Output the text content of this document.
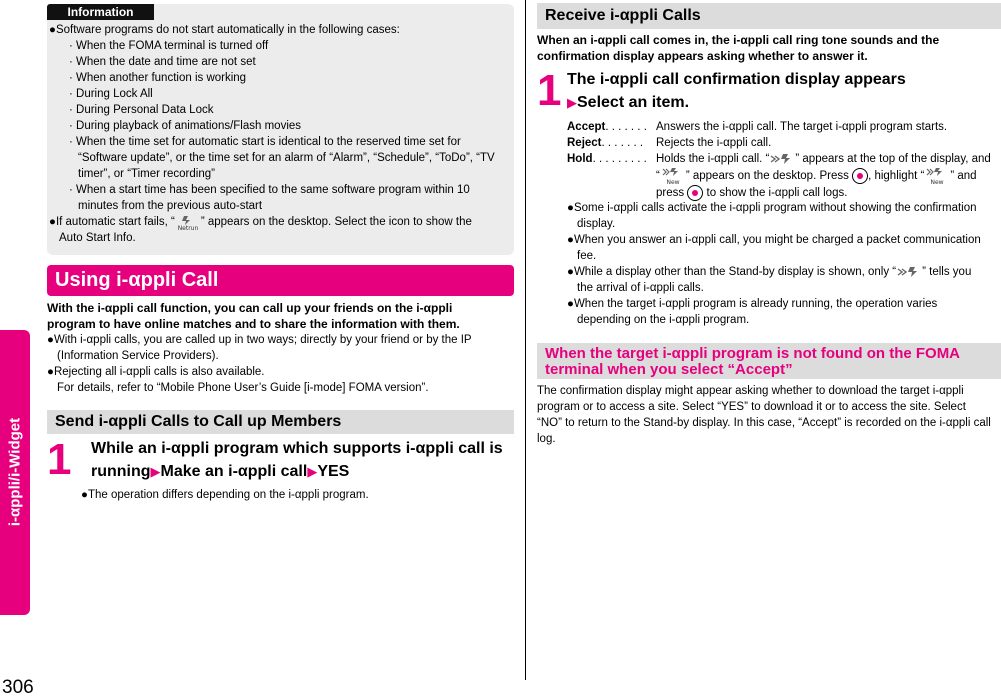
i-αppli/i-Widget
306
Information
●Software programs do not start automatically in the following cases:
· When the FOMA terminal is turned off
· When the date and time are not set
· When another function is working
· During Lock All
· During Personal Data Lock
· During playback of animations/Flash movies
· When the time set for automatic start is identical to the reserved time set for
“Software update”, or the time set for an alarm of “Alarm”, “Schedule”, “ToDo”, “TV
timer”, or “Timer recording”
· When a start time has been specified to the same software program within 10
minutes from the previous auto-start
●If automatic start fails, “
Netrun
” appears on the desktop. Select the icon to show the
Auto Start Info.
Using i-αppli Call
With the i-αppli call function, you can call up your friends on the i-αppli
program to have online matches and to share the information with them.
●With i-αppli calls, you are called up in two ways; directly by your friend or by the IP
(Information Service Providers).
●Rejecting all i-αppli calls is also available.
For details, refer to “Mobile Phone User’s Guide [i-mode] FOMA version”.
Send i-αppli Calls to Call up Members
1 While an i-αppli program which supports i-αppli call is
running▶Make an i-αppli call▶YES
●The operation differs depending on the i-αppli program.
Receive i-αppli Calls
When an i-αppli call comes in, the i-αppli call ring tone sounds and the
confirmation display appears asking whether to answer it.
1 The i-αppli call confirmation display appears
▶Select an item.
Accept. . . . . . . Answers the i-αppli call. The target i-αppli program starts.
Reject. . . . . . .	Rejects the i-αppli call.
Hold. . . . . . . . . Holds the i-αppli call. “ ” appears at the top of the display, and
“
New
” appears on the desktop. Press , highlight “
New
” and
press to show the i-αppli call logs.
●Some i-αppli calls activate the i-αppli program without showing the confirmation
display.
●When you answer an i-αppli call, you might be charged a packet communication
fee.
●While a display other than the Stand-by display is shown, only “ ” tells you
the arrival of i-αppli calls.
●When the target i-αppli program is already running, the operation varies
depending on the i-αppli program.
When the target i-αppli program is not found on the FOMA
terminal when you select “Accept”
The confirmation display might appear asking whether to download the target i-αppli
program or to access a site. Select “YES” to download it or to access the site. Select
“NO” to return to the Stand-by display. In this case, “Accept” is recorded on the i-αppli call
log.
